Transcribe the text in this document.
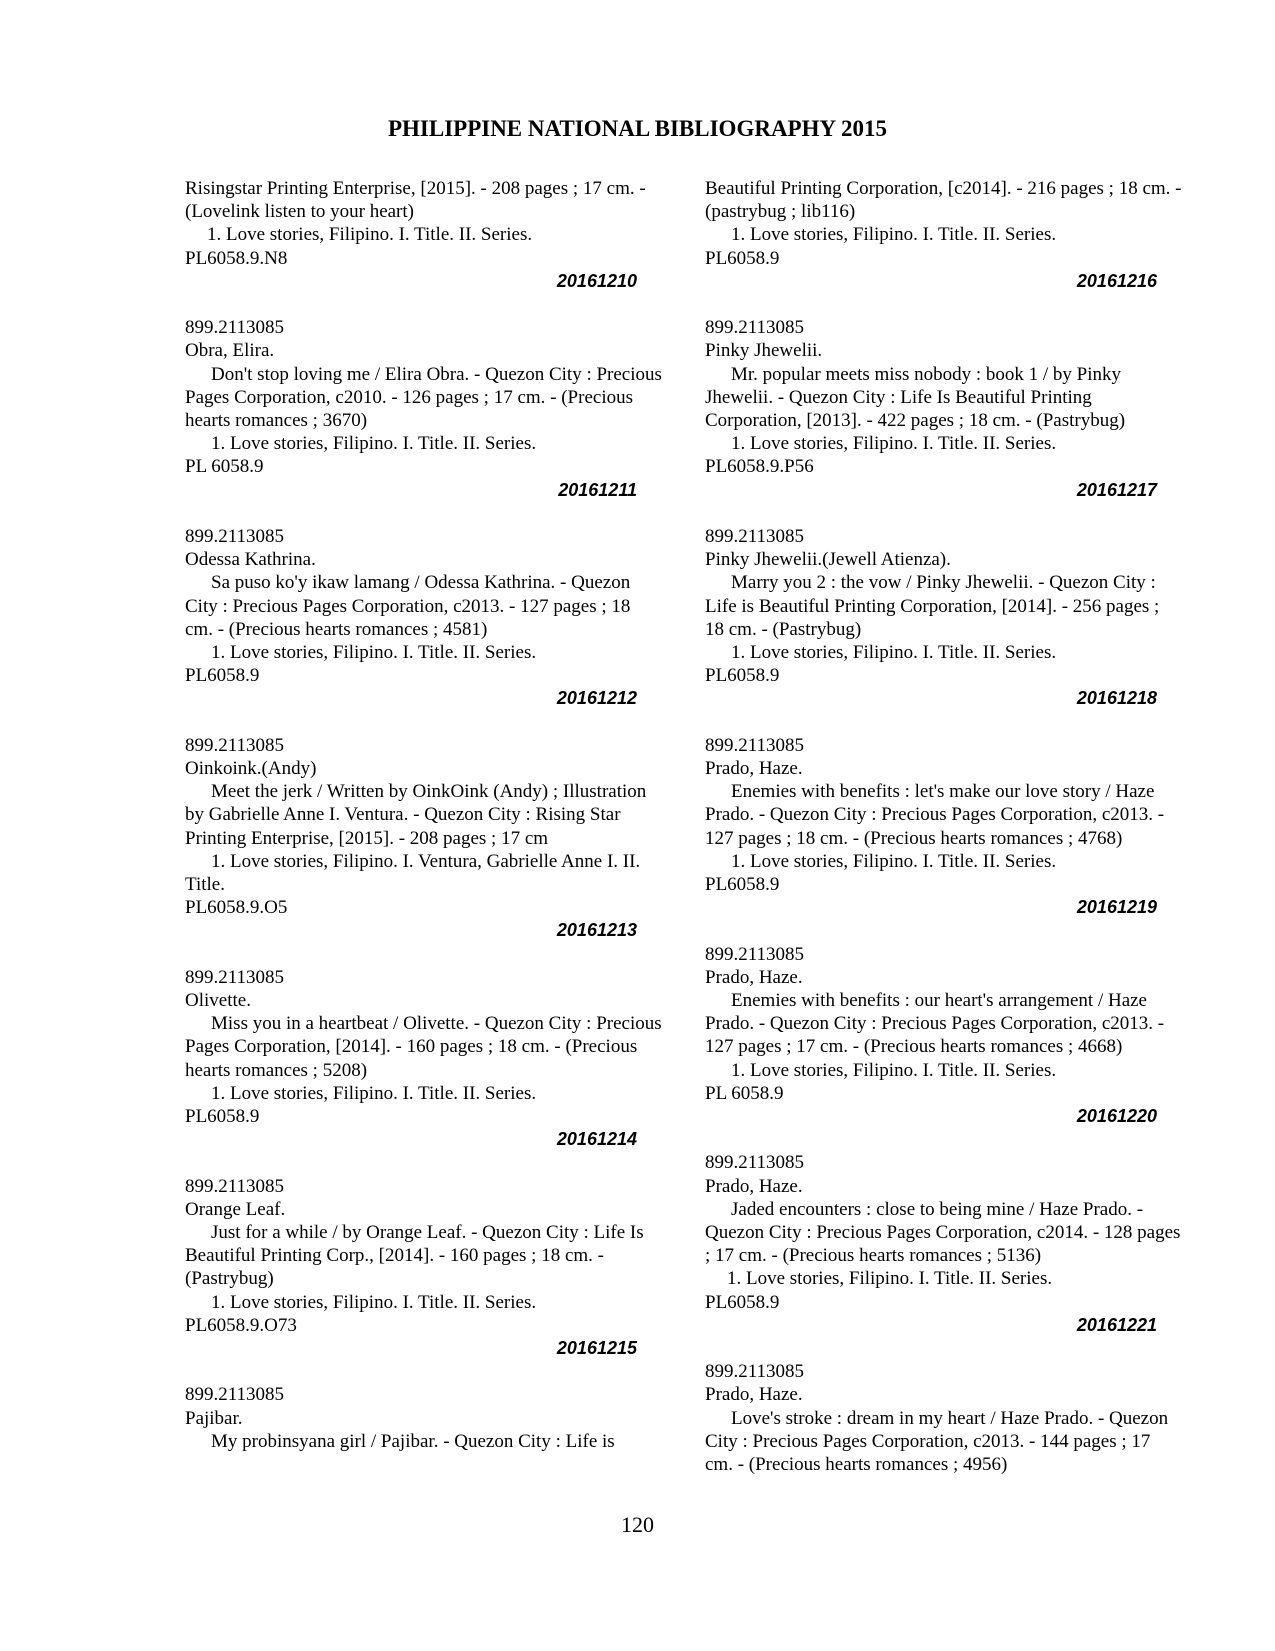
PHILIPPINE NATIONAL BIBLIOGRAPHY 2015
Risingstar Printing Enterprise, [2015]. - 208 pages ; 17 cm. - (Lovelink listen to your heart)
1. Love stories, Filipino. I. Title. II. Series.
PL6058.9.N8
20161210
899.2113085
Obra, Elira.
Don't stop loving me / Elira Obra. - Quezon City : Precious Pages Corporation, c2010. - 126 pages ; 17 cm. - (Precious hearts romances ; 3670)
1. Love stories, Filipino. I. Title. II. Series.
PL 6058.9
20161211
899.2113085
Odessa Kathrina.
Sa puso ko'y ikaw lamang / Odessa Kathrina. - Quezon City : Precious Pages Corporation, c2013. - 127 pages ; 18 cm. - (Precious hearts romances ; 4581)
1. Love stories, Filipino. I. Title. II. Series.
PL6058.9
20161212
899.2113085
Oinkoink.(Andy)
Meet the jerk / Written by OinkOink (Andy) ; Illustration by Gabrielle Anne I. Ventura. - Quezon City : Rising Star Printing Enterprise, [2015]. - 208 pages ; 17 cm
1. Love stories, Filipino. I. Ventura, Gabrielle Anne I. II. Title.
PL6058.9.O5
20161213
899.2113085
Olivette.
Miss you in a heartbeat / Olivette. - Quezon City : Precious Pages Corporation, [2014]. - 160 pages ; 18 cm. - (Precious hearts romances ; 5208)
1. Love stories, Filipino. I. Title. II. Series.
PL6058.9
20161214
899.2113085
Orange Leaf.
Just for a while / by Orange Leaf. - Quezon City : Life Is Beautiful Printing Corp., [2014]. - 160 pages ; 18 cm. - (Pastrybug)
1. Love stories, Filipino. I. Title. II. Series.
PL6058.9.O73
20161215
899.2113085
Pajibar.
My probinsyana girl / Pajibar. - Quezon City : Life is
Beautiful Printing Corporation, [c2014]. - 216 pages ; 18 cm. - (pastrybug ; lib116)
1. Love stories, Filipino. I. Title. II. Series.
PL6058.9
20161216
899.2113085
Pinky Jhewelii.
Mr. popular meets miss nobody : book 1 / by Pinky Jhewelii. - Quezon City : Life Is Beautiful Printing Corporation, [2013]. - 422 pages ; 18 cm. - (Pastrybug)
1. Love stories, Filipino. I. Title. II. Series.
PL6058.9.P56
20161217
899.2113085
Pinky Jhewelii.(Jewell Atienza).
Marry you 2 : the vow / Pinky Jhewelii. - Quezon City : Life is Beautiful Printing Corporation, [2014]. - 256 pages ; 18 cm. - (Pastrybug)
1. Love stories, Filipino. I. Title. II. Series.
PL6058.9
20161218
899.2113085
Prado, Haze.
Enemies with benefits : let's make our love story / Haze Prado. - Quezon City : Precious Pages Corporation, c2013. - 127 pages ; 18 cm. - (Precious hearts romances ; 4768)
1. Love stories, Filipino. I. Title. II. Series.
PL6058.9
20161219
899.2113085
Prado, Haze.
Enemies with benefits : our heart's arrangement / Haze Prado. - Quezon City : Precious Pages Corporation, c2013. - 127 pages ; 17 cm. - (Precious hearts romances ; 4668)
1. Love stories, Filipino. I. Title. II. Series.
PL 6058.9
20161220
899.2113085
Prado, Haze.
Jaded encounters : close to being mine / Haze Prado. - Quezon City : Precious Pages Corporation, c2014. - 128 pages ; 17 cm. - (Precious hearts romances ; 5136)
1. Love stories, Filipino. I. Title. II. Series.
PL6058.9
20161221
899.2113085
Prado, Haze.
Love's stroke : dream in my heart / Haze Prado. - Quezon City : Precious Pages Corporation, c2013. - 144 pages ; 17 cm. - (Precious hearts romances ; 4956)
120
